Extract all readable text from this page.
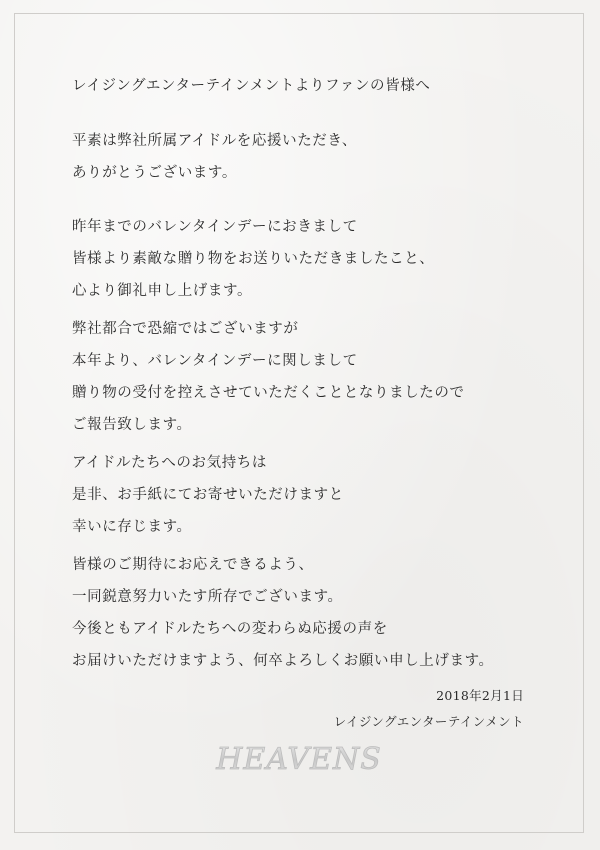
レイジングエンターテインメントよりファンの皆様へ

平素は弊社所属アイドルを応援いただき、
ありがとうございます。

昨年までのバレンタインデーにおきまして
皆様より素敵な贈り物をお送りいただきましたこと、
心より御礼申し上げます。

弊社都合で恐縮ではございますが
本年より、バレンタインデーに関しまして
贈り物の受付を控えさせていただくこととなりましたので
ご報告致します。

アイドルたちへのお気持ちは
是非、お手紙にてお寄せいただけますと
幸いに存じます。

皆様のご期待にお応えできるよう、
一同鋭意努力いたす所存でございます。
今後ともアイドルたちへの変わらぬ応援の声を
お届けいただけますよう、何卒よろしくお願い申し上げます。

2018年2月1日
レイジングエンターテインメント
HEAVENS
